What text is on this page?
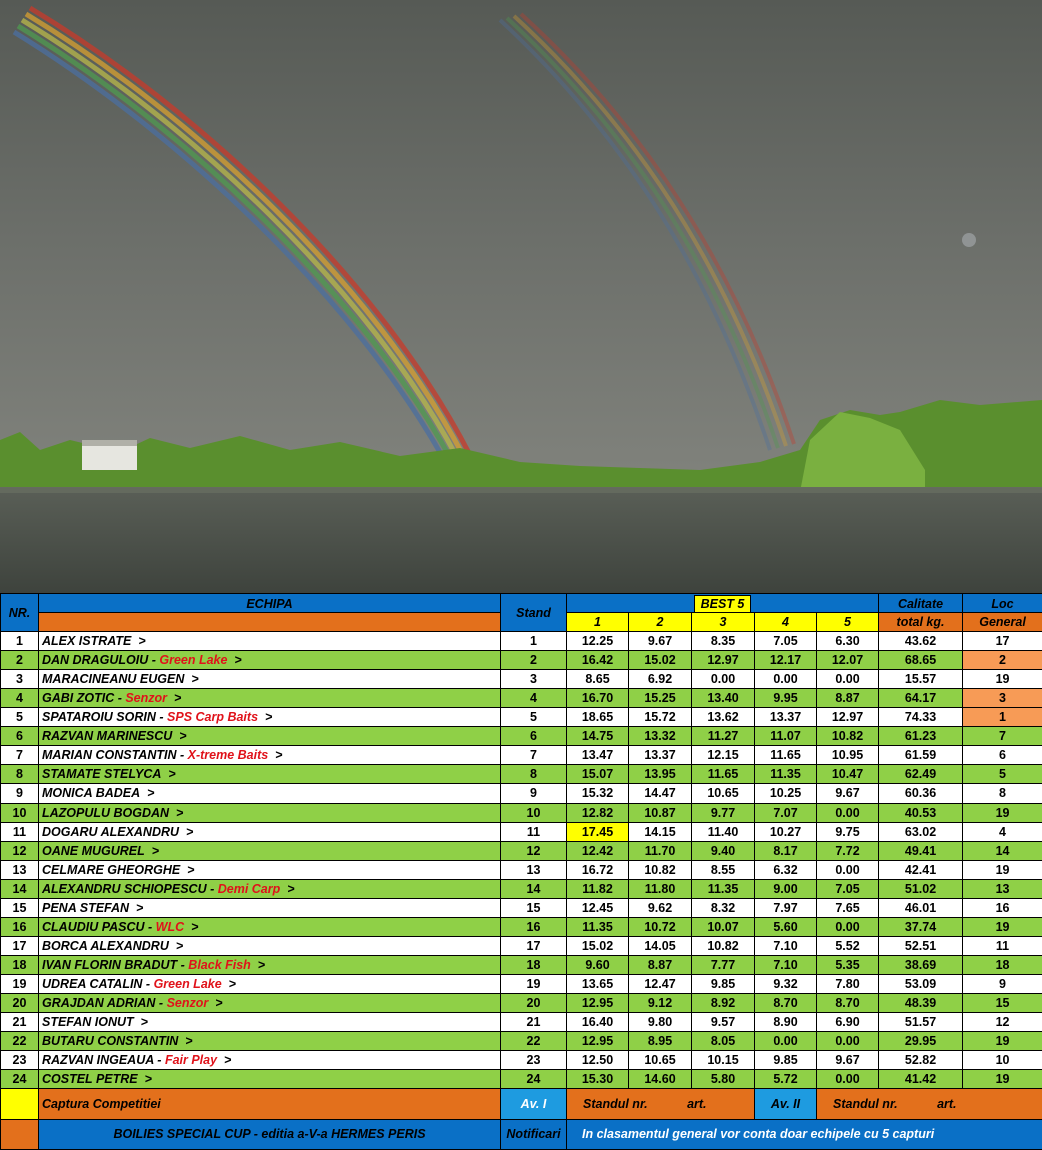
NR.	ECHIPA	Stand	BEST 5					Calitate	Loc
			1	2	3	4	5	total kg.	General
1	ALEX ISTRATE >	1	12.25	9.67	8.35	7.05	6.30	43.62	17
2	DAN DRAGULOIU - Green Lake >	2	16.42	15.02	12.97	12.17	12.07	68.65	2
3	MARACINEANU EUGEN >	3	8.65	6.92	0.00	0.00	0.00	15.57	19
4	GABI ZOTIC - Senzor >	4	16.70	15.25	13.40	9.95	8.87	64.17	3
5	SPATAROIU SORIN - SPS Carp Baits >	5	18.65	15.72	13.62	13.37	12.97	74.33	1
6	RAZVAN MARINESCU >	6	14.75	13.32	11.27	11.07	10.82	61.23	7
7	MARIAN CONSTANTIN - X-treme Baits >	7	13.47	13.37	12.15	11.65	10.95	61.59	6
8	STAMATE STELYCA >	8	15.07	13.95	11.65	11.35	10.47	62.49	5
9	MONICA BADEA >	9	15.32	14.47	10.65	10.25	9.67	60.36	8
10	LAZOPULU BOGDAN >	10	12.82	10.87	9.77	7.07	0.00	40.53	19
11	DOGARU ALEXANDRU >	11	17.45	14.15	11.40	10.27	9.75	63.02	4
12	OANE MUGUREL >	12	12.42	11.70	9.40	8.17	7.72	49.41	14
13	CELMARE GHEORGHE >	13	16.72	10.82	8.55	6.32	0.00	42.41	19
14	ALEXANDRU SCHIOPESCU - Demi Carp >	14	11.82	11.80	11.35	9.00	7.05	51.02	13
15	PENA STEFAN >	15	12.45	9.62	8.32	7.97	7.65	46.01	16
16	CLAUDIU PASCU - WLC >	16	11.35	10.72	10.07	5.60	0.00	37.74	19
17	BORCA ALEXANDRU >	17	15.02	14.05	10.82	7.10	5.52	52.51	11
18	IVAN FLORIN BRADUT - Black Fish >	18	9.60	8.87	7.77	7.10	5.35	38.69	18
19	UDREA CATALIN - Green Lake >	19	13.65	12.47	9.85	9.32	7.80	53.09	9
20	GRAJDAN ADRIAN - Senzor >	20	12.95	9.12	8.92	8.70	8.70	48.39	15
21	STEFAN IONUT >	21	16.40	9.80	9.57	8.90	6.90	51.57	12
22	BUTARU CONSTANTIN >	22	12.95	8.95	8.05	0.00	0.00	29.95	19
23	RAZVAN INGEAUA - Fair Play >	23	12.50	10.65	10.15	9.85	9.67	52.82	10
24	COSTEL PETRE >	24	15.30	14.60	5.80	5.72	0.00	41.42	19
	Captura Competitiei	Av. I	Standul nr. art.			Av. II	Standul nr. art.		
	BOILIES SPECIAL CUP - editia a-V-a HERMES PERIS	Notificari	In clasamentul general vor conta doar echipele cu 5 capturi						
